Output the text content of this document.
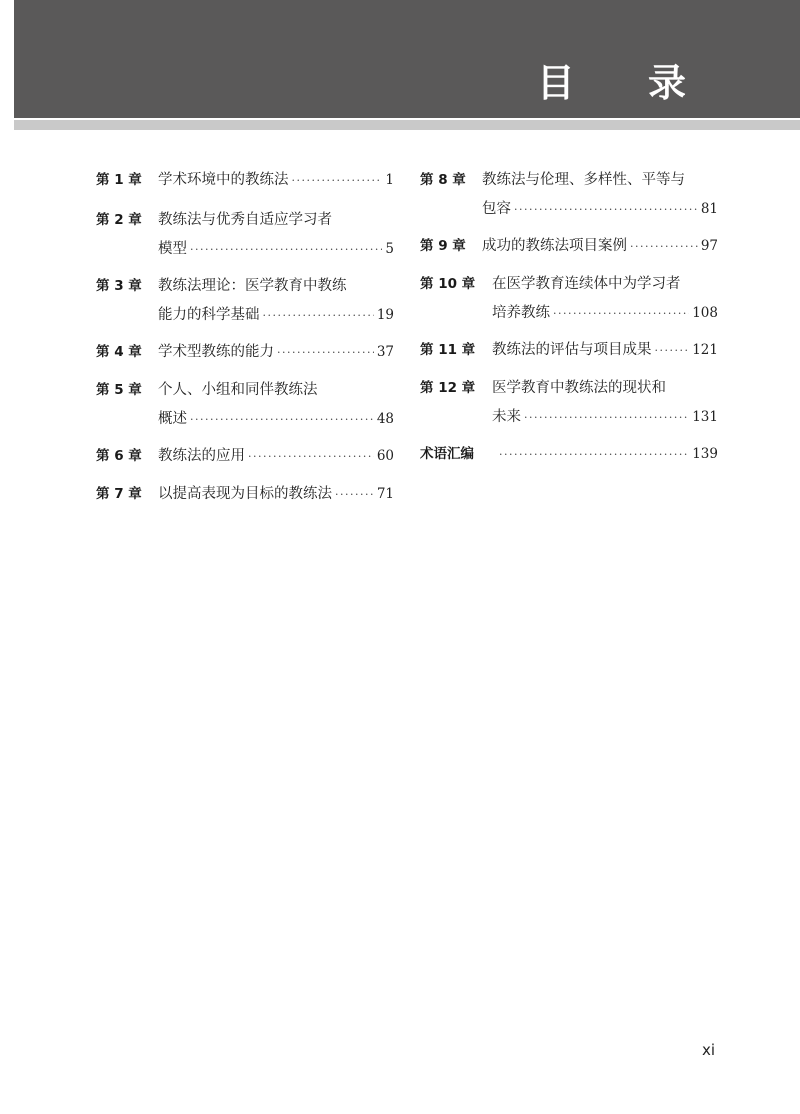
目 录
第 1 章 学术环境中的教练法 ·····	1
第 2 章 教练法与优秀自适应学习者
模型 ·····	5
第 3 章 教练法理论：医学教育中教练
能力的科学基础 ·····	19
第 4 章 学术型教练的能力 ·····	37
第 5 章 个人、小组和同伴教练法
概述 ·····	48
第 6 章 教练法的应用 ·····	60
第 7 章 以提高表现为目标的教练法 ·····	71
第 8 章 教练法与伦理、多样性、平等与
包容 ·····	81
第 9 章 成功的教练法项目案例 ·····	97
第 10 章 在医学教育连续体中为学习者
培养教练 ·····	108
第 11 章 教练法的评估与项目成果 ·····	121
第 12 章 医学教育中教练法的现状和
未来 ·····	131
术语汇编 ·····	139
xi
